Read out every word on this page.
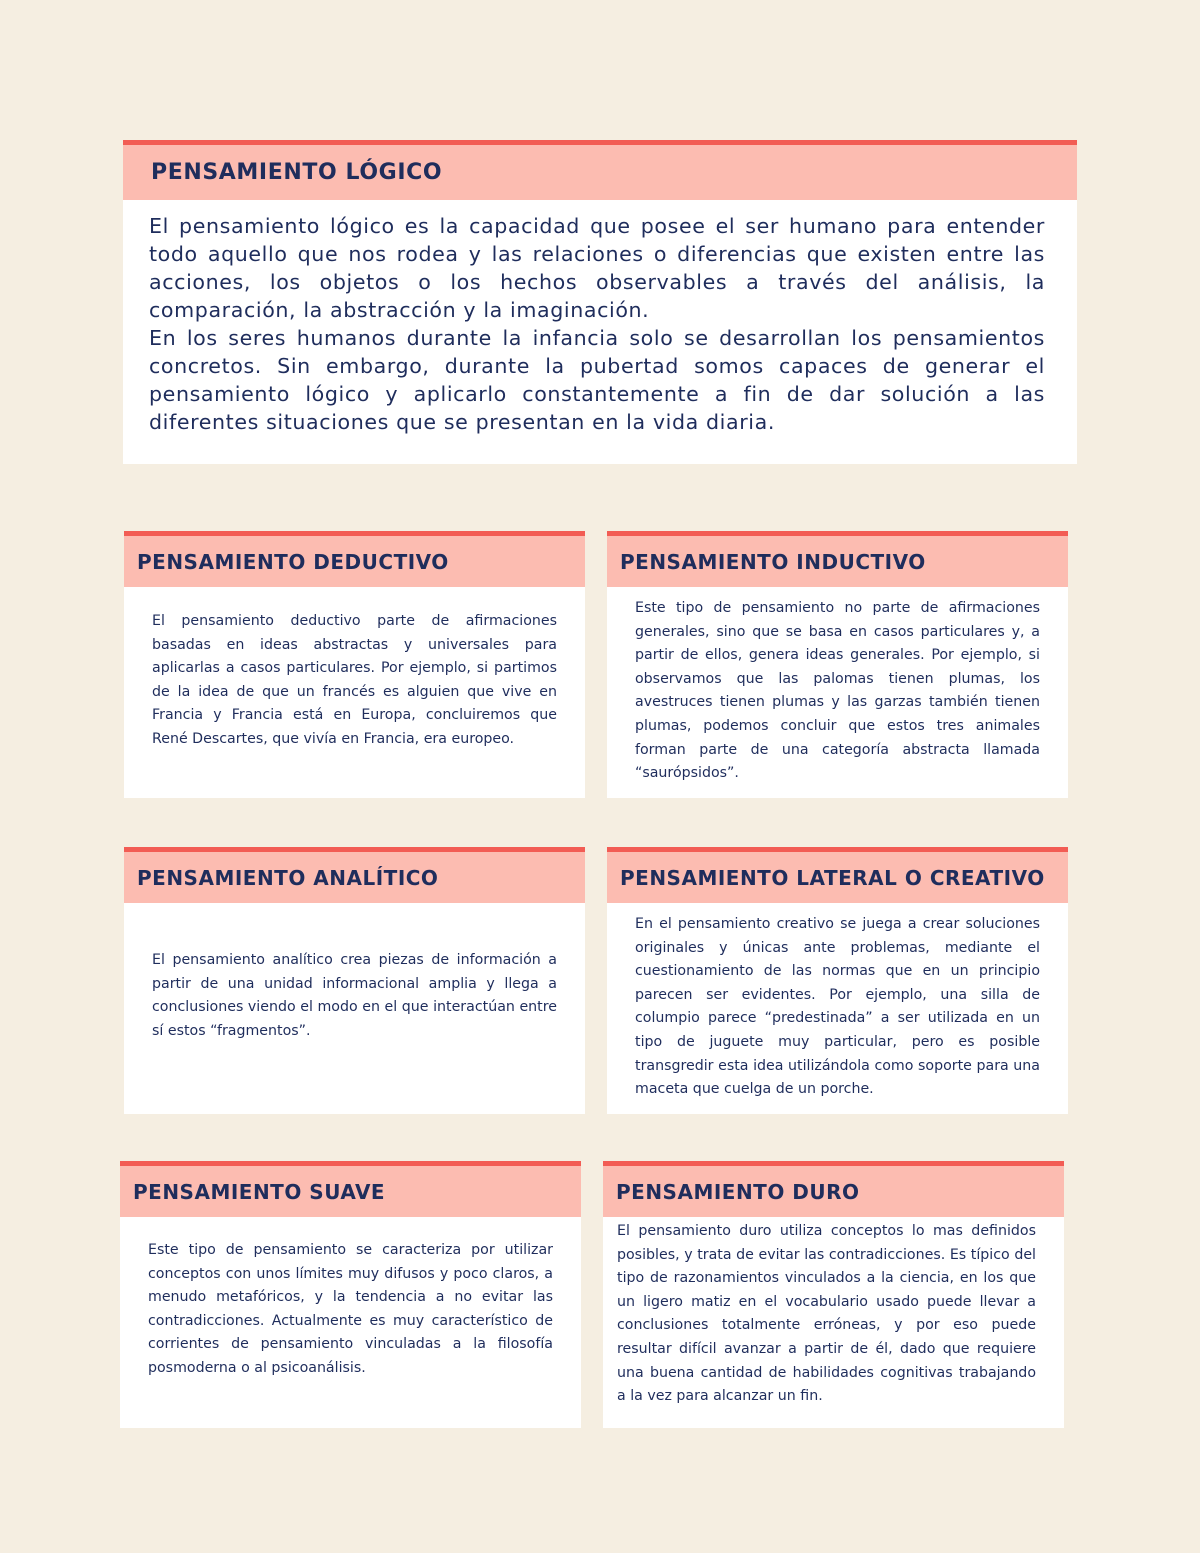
PENSAMIENTO LÓGICO

El pensamiento lógico es la capacidad que posee el ser humano para entender todo aquello que nos rodea y las relaciones o diferencias que existen entre las acciones, los objetos o los hechos observables a través del análisis, la comparación, la abstracción y la imaginación.

En los seres humanos durante la infancia solo se desarrollan los pensamientos concretos. Sin embargo, durante la pubertad somos capaces de generar el pensamiento lógico y aplicarlo constantemente a fin de dar solución a las diferentes situaciones que se presentan en la vida diaria.

PENSAMIENTO DEDUCTIVO

El pensamiento deductivo parte de afirmaciones basadas en ideas abstractas y universales para aplicarlas a casos particulares. Por ejemplo, si partimos de la idea de que un francés es alguien que vive en Francia y Francia está en Europa, concluiremos que René Descartes, que vivía en Francia, era europeo.

PENSAMIENTO INDUCTIVO

Este tipo de pensamiento no parte de afirmaciones generales, sino que se basa en casos particulares y, a partir de ellos, genera ideas generales. Por ejemplo, si observamos que las palomas tienen plumas, los avestruces tienen plumas y las garzas también tienen plumas, podemos concluir que estos tres animales forman parte de una categoría abstracta llamada “saurópsidos”.

PENSAMIENTO ANALÍTICO

El pensamiento analítico crea piezas de información a partir de una unidad informacional amplia y llega a conclusiones viendo el modo en el que interactúan entre sí estos “fragmentos”.

PENSAMIENTO LATERAL O CREATIVO

En el pensamiento creativo se juega a crear soluciones originales y únicas ante problemas, mediante el cuestionamiento de las normas que en un principio parecen ser evidentes. Por ejemplo, una silla de columpio parece “predestinada” a ser utilizada en un tipo de juguete muy particular, pero es posible transgredir esta idea utilizándola como soporte para una maceta que cuelga de un porche.

PENSAMIENTO SUAVE

Este tipo de pensamiento se caracteriza por utilizar conceptos con unos límites muy difusos y poco claros, a menudo metafóricos, y la tendencia a no evitar las contradicciones. Actualmente es muy característico de corrientes de pensamiento vinculadas a la filosofía posmoderna o al psicoanálisis.

PENSAMIENTO DURO

El pensamiento duro utiliza conceptos lo mas definidos posibles, y trata de evitar las contradicciones. Es típico del tipo de razonamientos vinculados a la ciencia, en los que un ligero matiz en el vocabulario usado puede llevar a conclusiones totalmente erróneas, y por eso puede resultar difícil avanzar a partir de él, dado que requiere una buena cantidad de habilidades cognitivas trabajando a la vez para alcanzar un fin.
